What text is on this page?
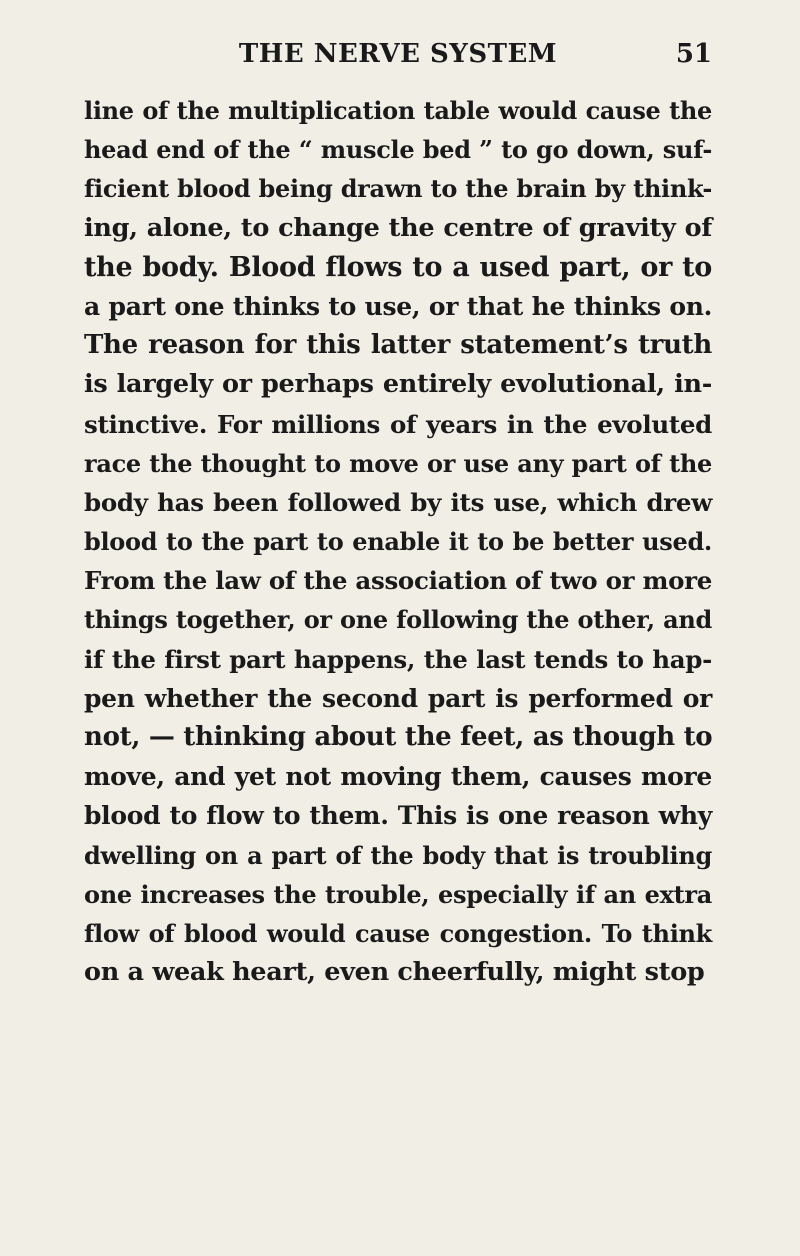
THE NERVE SYSTEM	51
line of the multiplication table would cause the
head end of the “ muscle bed ” to go down, suf-
ficient blood being drawn to the brain by think-
ing, alone, to change the centre of gravity of
the body. Blood flows to a used part, or to
a part one thinks to use, or that he thinks on.
The reason for this latter statement’s truth
is largely or perhaps entirely evolutional, in-
stinctive. For millions of years in the evoluted
race the thought to move or use any part of the
body has been followed by its use, which drew
blood to the part to enable it to be better used.
From the law of the association of two or more
things together, or one following the other, and
if the first part happens, the last tends to hap-
pen whether the second part is performed or
not, — thinking about the feet, as though to
move, and yet not moving them, causes more
blood to flow to them. This is one reason why
dwelling on a part of the body that is troubling
one increases the trouble, especially if an extra
flow of blood would cause congestion. To think
on a weak heart, even cheerfully, might stop
